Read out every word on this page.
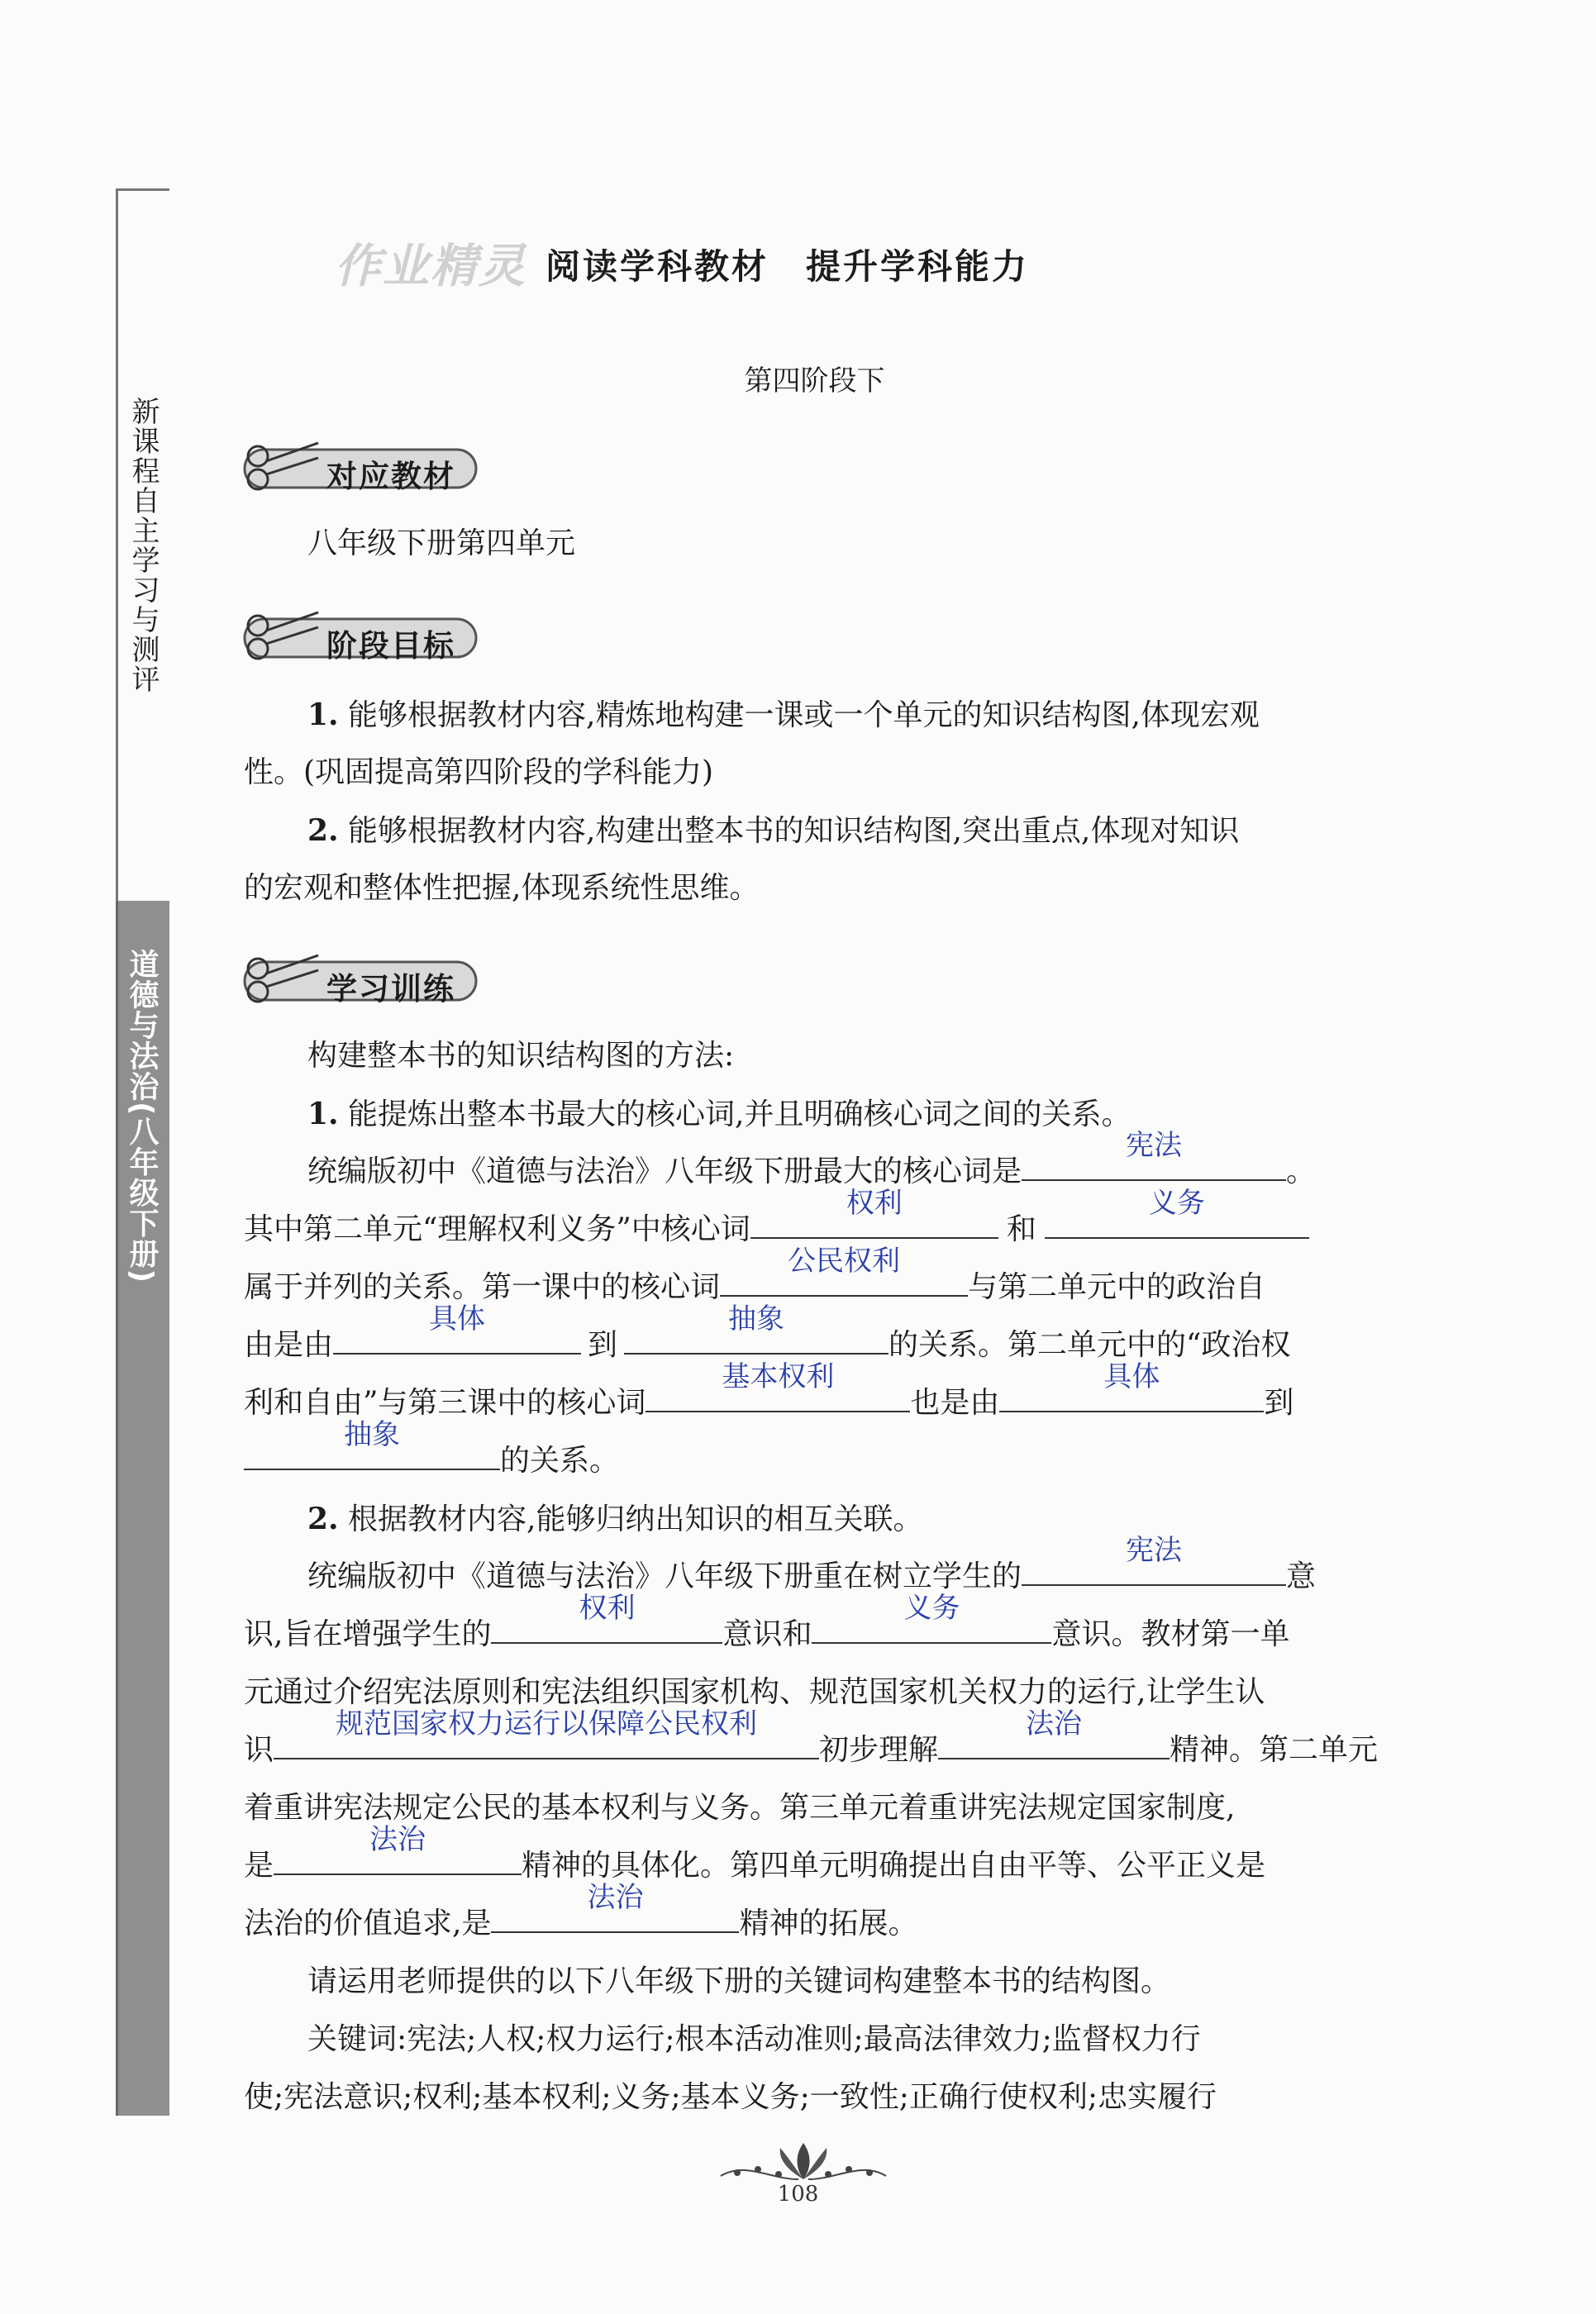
新课程自主学习与测评
道德与法治(八年级下册)
作业精灵 阅读学科教材　提升学科能力
第四阶段下
对应教材
八年级下册第四单元
阶段目标
1. 能够根据教材内容,精炼地构建一课或一个单元的知识结构图,体现宏观
性。(巩固提高第四阶段的学科能力)
2. 能够根据教材内容,构建出整本书的知识结构图,突出重点,体现对知识
的宏观和整体性把握,体现系统性思维。
学习训练
构建整本书的知识结构图的方法:
1. 能提炼出整本书最大的核心词,并且明确核心词之间的关系。
统编版初中《道德与法治》八年级下册最大的核心词是
宪法
。
其中第二单元“理解权利义务”中核心词
权利
和
义务
属于并列的关系。第一课中的核心词
公民权利
与第二单元中的政治自
由是由
具体
到
抽象
的关系。第二单元中的“政治权
利和自由”与第三课中的核心词
基本权利
也是由
具体
到
抽象
的关系。
2. 根据教材内容,能够归纳出知识的相互关联。
统编版初中《道德与法治》八年级下册重在树立学生的
宪法
意
识,旨在增强学生的
权利
意识和
义务
意识。教材第一单
元通过介绍宪法原则和宪法组织国家机构、规范国家机关权力的运行,让学生认
识
规范国家权力运行以保障公民权利
初步理解
法治
精神。第二单元
着重讲宪法规定公民的基本权利与义务。第三单元着重讲宪法规定国家制度,
是
法治
精神的具体化。第四单元明确提出自由平等、公平正义是
法治的价值追求,是
法治
精神的拓展。
请运用老师提供的以下八年级下册的关键词构建整本书的结构图。
关键词:宪法;人权;权力运行;根本活动准则;最高法律效力;监督权力行
使;宪法意识;权利;基本权利;义务;基本义务;一致性;正确行使权利;忠实履行
108
